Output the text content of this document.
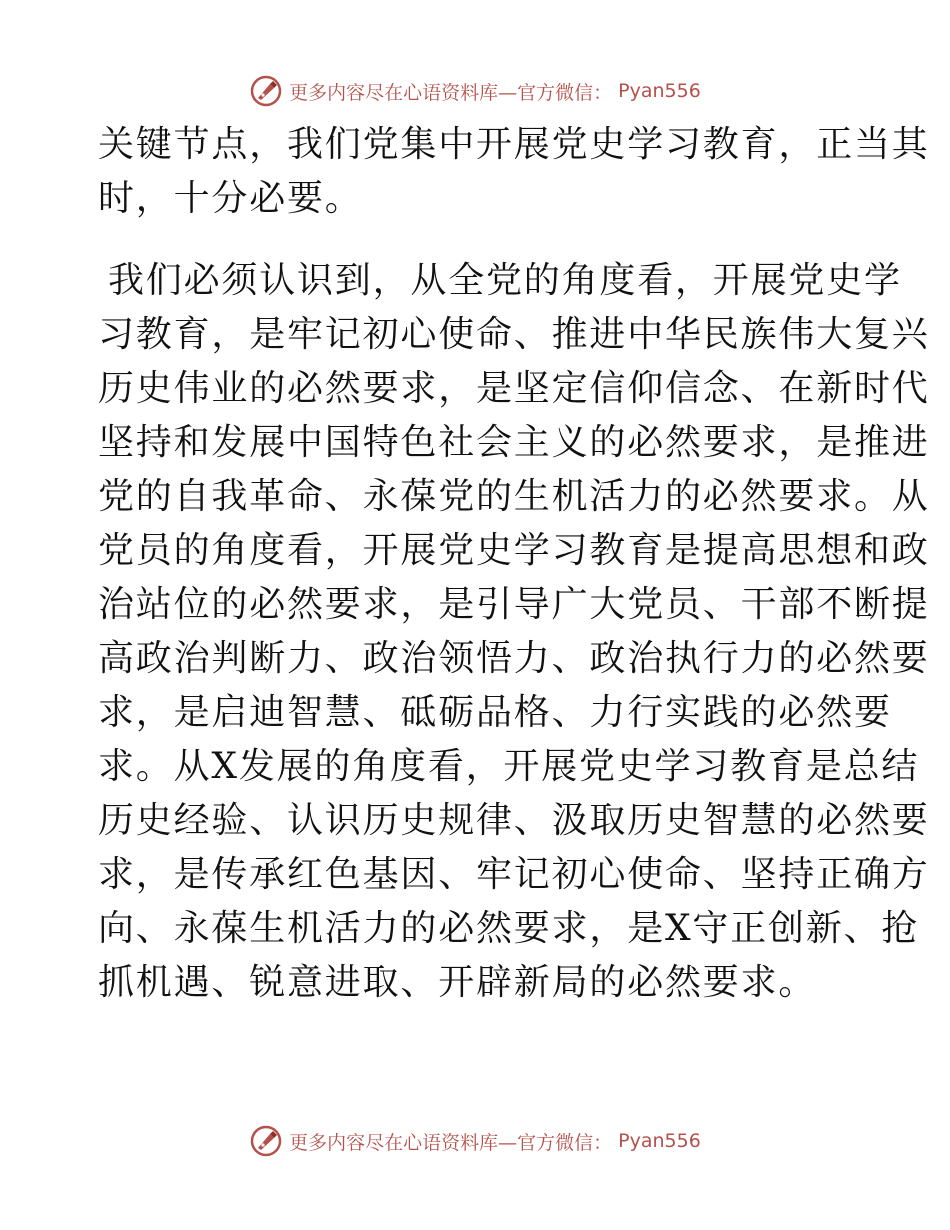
更多内容尽在心语资料库—官方微信： Pyan556
关键节点，我们党集中开展党史学习教育，正当其
时，十分必要。
我们必须认识到，从全党的角度看，开展党史学
习教育，是牢记初心使命、推进中华民族伟大复兴
历史伟业的必然要求，是坚定信仰信念、在新时代
坚持和发展中国特色社会主义的必然要求，是推进
党的自我革命、永葆党的生机活力的必然要求。从
党员的角度看，开展党史学习教育是提高思想和政
治站位的必然要求，是引导广大党员、干部不断提
高政治判断力、政治领悟力、政治执行力的必然要
求，是启迪智慧、砥砺品格、力行实践的必然要
求。从X发展的角度看，开展党史学习教育是总结
历史经验、认识历史规律、汲取历史智慧的必然要
求，是传承红色基因、牢记初心使命、坚持正确方
向、永葆生机活力的必然要求，是X守正创新、抢
抓机遇、锐意进取、开辟新局的必然要求。
更多内容尽在心语资料库—官方微信： Pyan556
